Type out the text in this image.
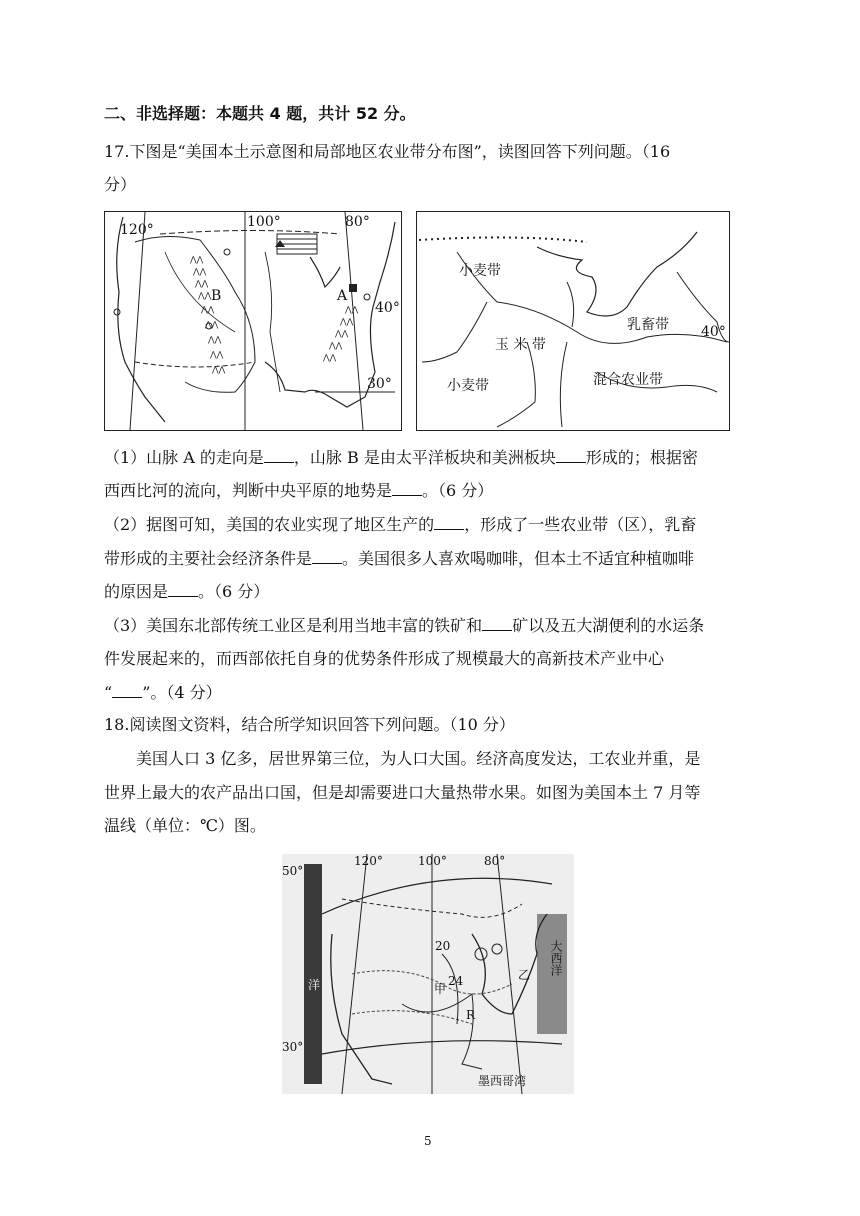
二、非选择题：本题共 4 题，共计 52 分。
17.下图是“美国本土示意图和局部地区农业带分布图”，读图回答下列问题。（16
分）
⋀⋀
⋀⋀
⋀⋀
⋀⋀
⋀⋀
⋀⋀
⋀⋀
⋀⋀
⋀⋀
⋀⋀
⋀⋀
⋀⋀
⋀⋀
⋀⋀
120°	100°	80°
40°
30°
A
B
小麦带
玉 米 带
小麦带
乳畜带
混合农业带
40°
（1）山脉 A 的走向是 ，山脉 B 是由太平洋板块和美洲板块 形成的；根据密
西西比河的流向，判断中央平原的地势是 。（6 分）
（2）据图可知，美国的农业实现了地区生产的 ，形成了一些农业带（区），乳畜
带形成的主要社会经济条件是 。美国很多人喜欢喝咖啡，但本土不适宜种植咖啡
的原因是 。（6 分）
（3）美国东北部传统工业区是利用当地丰富的铁矿和 矿以及五大湖便利的水运条
件发展起来的，而西部依托自身的优势条件形成了规模最大的高新技术产业中心
“ ”。（4 分）
18.阅读图文资料，结合所学知识回答下列问题。（10 分）
美国人口 3 亿多，居世界第三位，为人口大国。经济高度发达，工农业并重，是
世界上最大的农产品出口国，但是却需要进口大量热带水果。如图为美国本土 7 月等
温线（单位：℃）图。
50°
30°
120°	100°	80°
20
24
甲
乙
R
大西洋
洋
墨西哥湾
5
